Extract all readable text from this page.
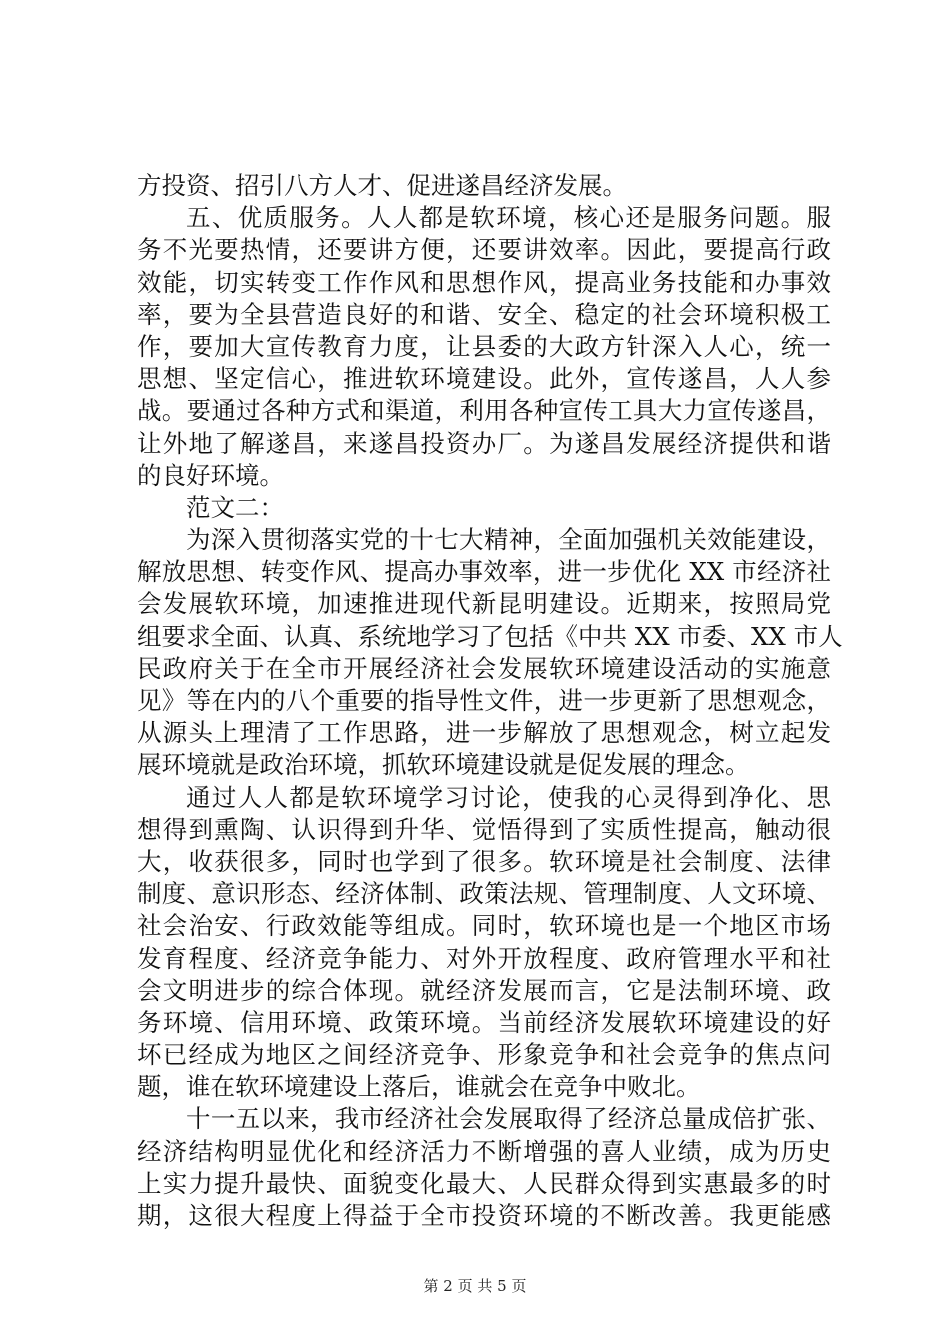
方投资、招引八方人才、促进遂昌经济发展。
五、优质服务。人人都是软环境，核心还是服务问题。服
务不光要热情，还要讲方便，还要讲效率。因此，要提高行政
效能，切实转变工作作风和思想作风，提高业务技能和办事效
率，要为全县营造良好的和谐、安全、稳定的社会环境积极工
作，要加大宣传教育力度，让县委的大政方针深入人心，统一
思想、坚定信心，推进软环境建设。此外，宣传遂昌，人人参
战。要通过各种方式和渠道，利用各种宣传工具大力宣传遂昌，
让外地了解遂昌，来遂昌投资办厂。为遂昌发展经济提供和谐
的良好环境。
范文二：
为深入贯彻落实党的十七大精神，全面加强机关效能建设，
解放思想、转变作风、提高办事效率，进一步优化 XX 市经济社
会发展软环境，加速推进现代新昆明建设。近期来，按照局党
组要求全面、认真、系统地学习了包括《中共 XX 市委、XX 市人
民政府关于在全市开展经济社会发展软环境建设活动的实施意
见》等在内的八个重要的指导性文件，进一步更新了思想观念，
从源头上理清了工作思路，进一步解放了思想观念，树立起发
展环境就是政治环境，抓软环境建设就是促发展的理念。
通过人人都是软环境学习讨论，使我的心灵得到净化、思
想得到熏陶、认识得到升华、觉悟得到了实质性提高，触动很
大，收获很多，同时也学到了很多。软环境是社会制度、法律
制度、意识形态、经济体制、政策法规、管理制度、人文环境、
社会治安、行政效能等组成。同时，软环境也是一个地区市场
发育程度、经济竞争能力、对外开放程度、政府管理水平和社
会文明进步的综合体现。就经济发展而言，它是法制环境、政
务环境、信用环境、政策环境。当前经济发展软环境建设的好
坏已经成为地区之间经济竞争、形象竞争和社会竞争的焦点问
题，谁在软环境建设上落后，谁就会在竞争中败北。
十一五以来，我市经济社会发展取得了经济总量成倍扩张、
经济结构明显优化和经济活力不断增强的喜人业绩，成为历史
上实力提升最快、面貌变化最大、人民群众得到实惠最多的时
期，这很大程度上得益于全市投资环境的不断改善。我更能感
第 2 页 共 5 页
